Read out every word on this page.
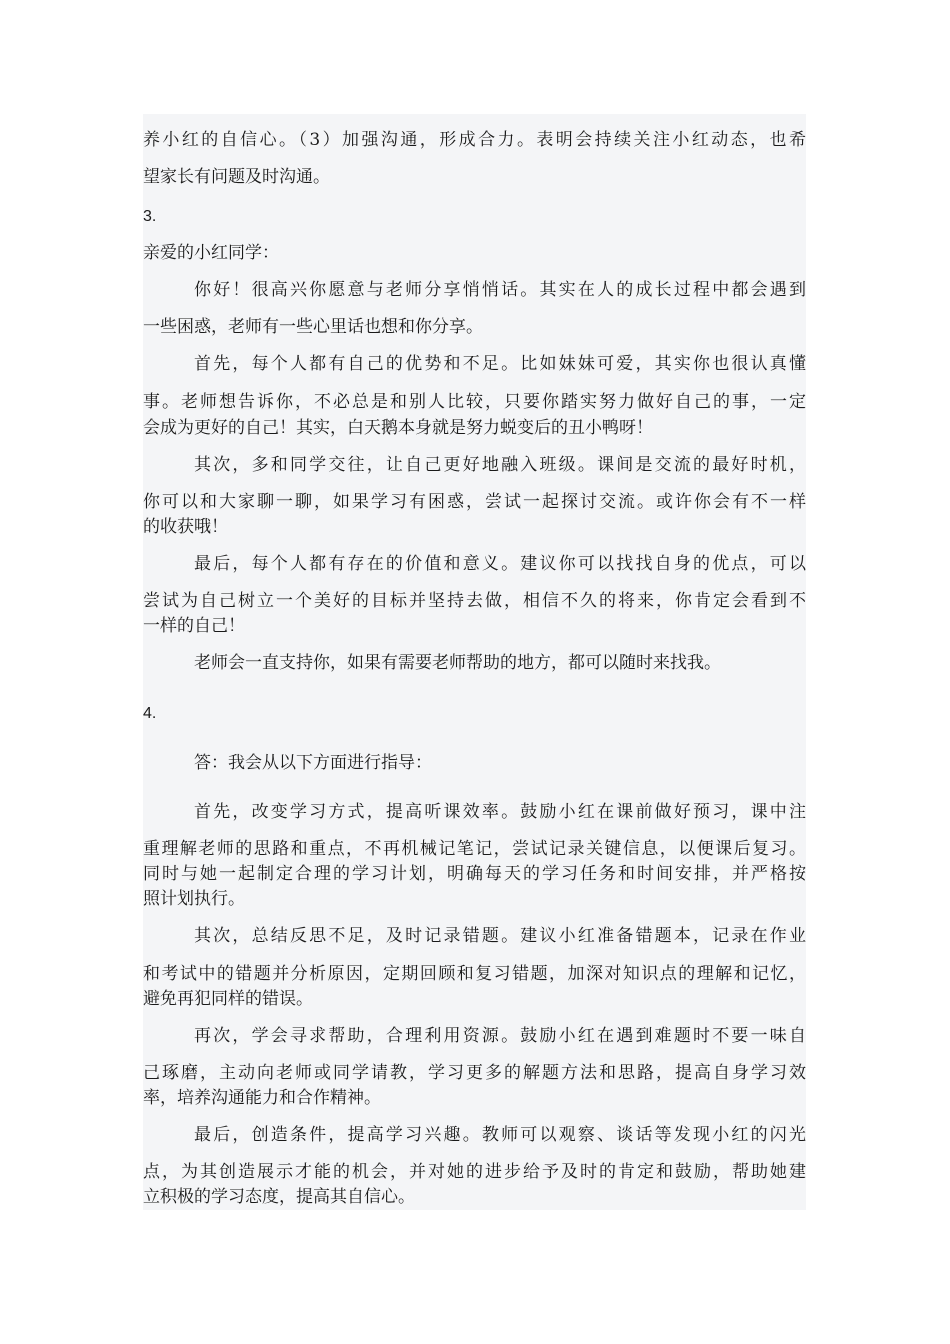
养小红的自信心。（3）加强沟通，形成合力。表明会持续关注小红动态，也希
望家长有问题及时沟通。
3.
亲爱的小红同学：
你好！很高兴你愿意与老师分享悄悄话。其实在人的成长过程中都会遇到
一些困惑，老师有一些心里话也想和你分享。
首先，每个人都有自己的优势和不足。比如妹妹可爱，其实你也很认真懂
事。老师想告诉你，不必总是和别人比较，只要你踏实努力做好自己的事，一定
会成为更好的自己！其实，白天鹅本身就是努力蜕变后的丑小鸭呀！
其次，多和同学交往，让自己更好地融入班级。课间是交流的最好时机，
你可以和大家聊一聊，如果学习有困惑，尝试一起探讨交流。或许你会有不一样
的收获哦！
最后，每个人都有存在的价值和意义。建议你可以找找自身的优点，可以
尝试为自己树立一个美好的目标并坚持去做，相信不久的将来，你肯定会看到不
一样的自己！
老师会一直支持你，如果有需要老师帮助的地方，都可以随时来找我。
4.
答：我会从以下方面进行指导：
首先，改变学习方式，提高听课效率。鼓励小红在课前做好预习，课中注
重理解老师的思路和重点，不再机械记笔记，尝试记录关键信息，以便课后复习。
同时与她一起制定合理的学习计划，明确每天的学习任务和时间安排，并严格按
照计划执行。
其次，总结反思不足，及时记录错题。建议小红准备错题本，记录在作业
和考试中的错题并分析原因，定期回顾和复习错题，加深对知识点的理解和记忆，
避免再犯同样的错误。
再次，学会寻求帮助，合理利用资源。鼓励小红在遇到难题时不要一味自
己琢磨，主动向老师或同学请教，学习更多的解题方法和思路，提高自身学习效
率，培养沟通能力和合作精神。
最后，创造条件，提高学习兴趣。教师可以观察、谈话等发现小红的闪光
点，为其创造展示才能的机会，并对她的进步给予及时的肯定和鼓励，帮助她建
立积极的学习态度，提高其自信心。
